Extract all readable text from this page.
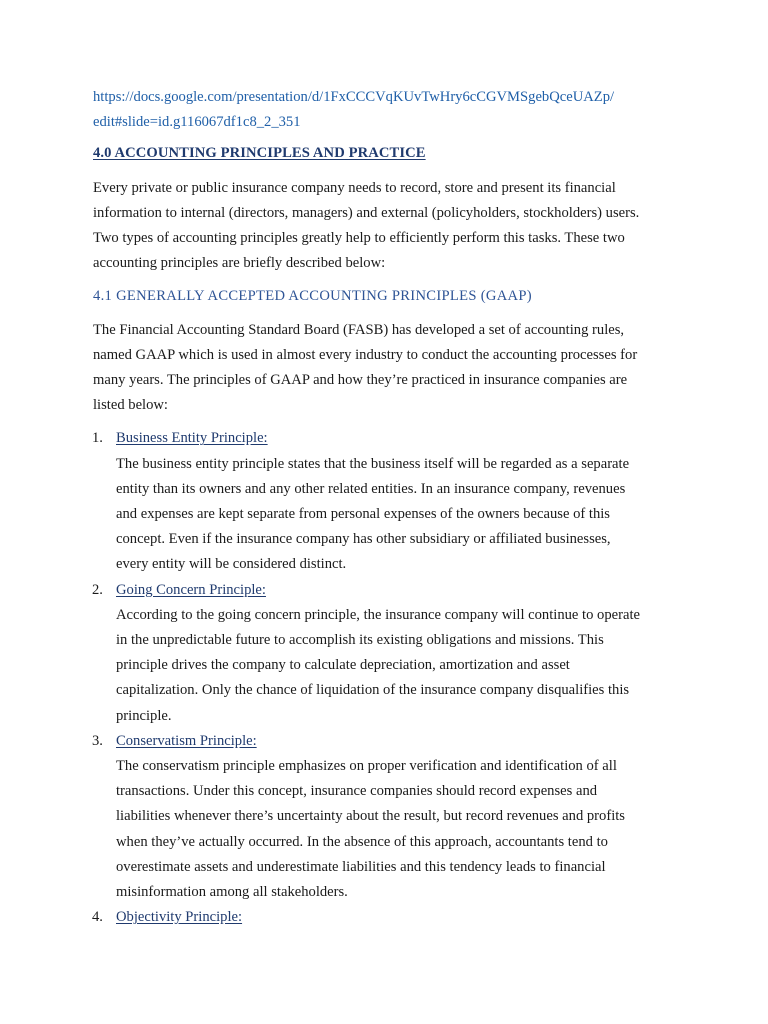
https://docs.google.com/presentation/d/1FxCCCVqKUvTwHry6cCGVMSgebQceUAZp/
edit#slide=id.g116067df1c8_2_351
4.0 ACCOUNTING PRINCIPLES AND PRACTICE
Every private or public insurance company needs to record, store and present its financial
information to internal (directors, managers) and external (policyholders, stockholders) users.
Two types of accounting principles greatly help to efficiently perform this tasks. These two
accounting principles are briefly described below:
4.1 GENERALLY ACCEPTED ACCOUNTING PRINCIPLES (GAAP)
The Financial Accounting Standard Board (FASB) has developed a set of accounting rules,
named GAAP which is used in almost every industry to conduct the accounting processes for
many years. The principles of GAAP and how they’re practiced in insurance companies are
listed below:
1. Business Entity Principle:
The business entity principle states that the business itself will be regarded as a separate
entity than its owners and any other related entities. In an insurance company, revenues
and expenses are kept separate from personal expenses of the owners because of this
concept. Even if the insurance company has other subsidiary or affiliated businesses,
every entity will be considered distinct.
2. Going Concern Principle:
According to the going concern principle, the insurance company will continue to operate
in the unpredictable future to accomplish its existing obligations and missions. This
principle drives the company to calculate depreciation, amortization and asset
capitalization. Only the chance of liquidation of the insurance company disqualifies this
principle.
3. Conservatism Principle:
The conservatism principle emphasizes on proper verification and identification of all
transactions. Under this concept, insurance companies should record expenses and
liabilities whenever there’s uncertainty about the result, but record revenues and profits
when they’ve actually occurred. In the absence of this approach, accountants tend to
overestimate assets and underestimate liabilities and this tendency leads to financial
misinformation among all stakeholders.
4. Objectivity Principle:
